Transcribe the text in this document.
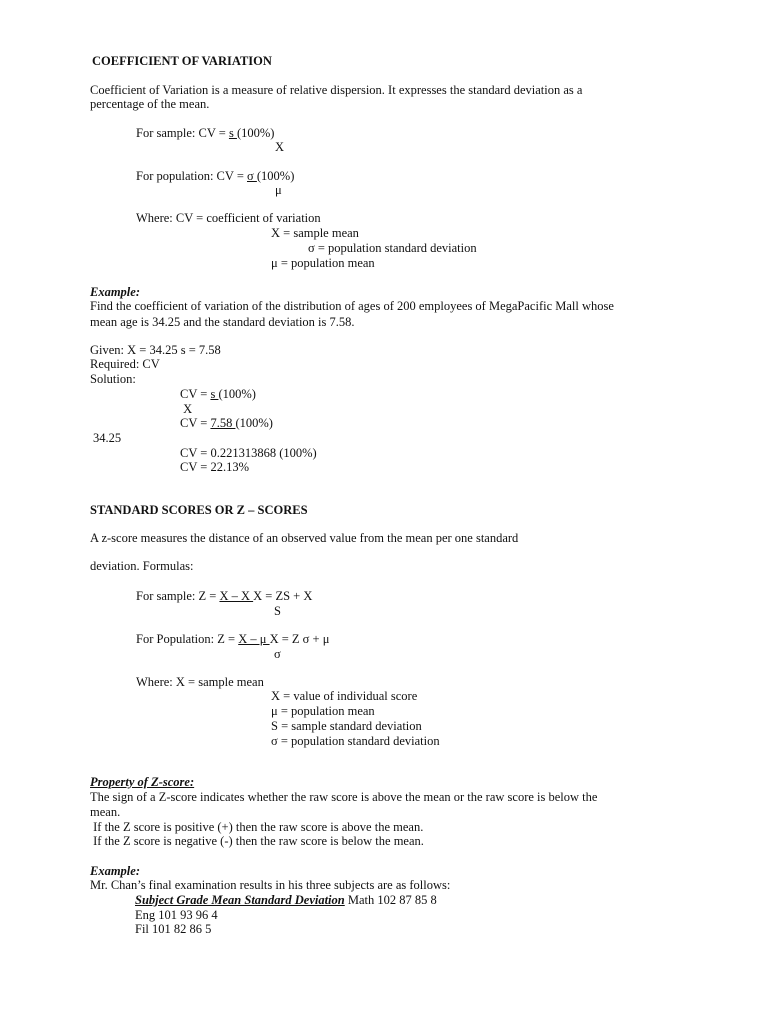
COEFFICIENT OF VARIATION
Coefficient of Variation is a measure of relative dispersion. It expresses the standard deviation as a
percentage of the mean.
For sample: CV = s (100%)
X
For population: CV = σ (100%)
μ
Where: CV = coefficient of variation
X = sample mean
σ = population standard deviation
μ = population mean
Example:
Find the coefficient of variation of the distribution of ages of 200 employees of MegaPacific Mall whose
mean age is 34.25 and the standard deviation is 7.58.
Given: X = 34.25 s = 7.58
Required: CV
Solution:
CV = s (100%)
X
CV = 7.58 (100%)
34.25
CV = 0.221313868 (100%)
CV = 22.13%
STANDARD SCORES OR Z – SCORES
A z-score measures the distance of an observed value from the mean per one standard
deviation. Formulas:
For sample: Z = X – X X = ZS + X
S
For Population: Z = X – μ X = Z σ + μ
σ
Where: X = sample mean
X = value of individual score
μ = population mean
S = sample standard deviation
σ = population standard deviation
Property of Z-score:
The sign of a Z-score indicates whether the raw score is above the mean or the raw score is below the
mean.
If the Z score is positive (+) then the raw score is above the mean.
If the Z score is negative (-) then the raw score is below the mean.
Example:
Mr. Chan’s final examination results in his three subjects are as follows:
Subject Grade Mean Standard Deviation Math 102 87 85 8
Eng 101 93 96 4
Fil 101 82 86 5
